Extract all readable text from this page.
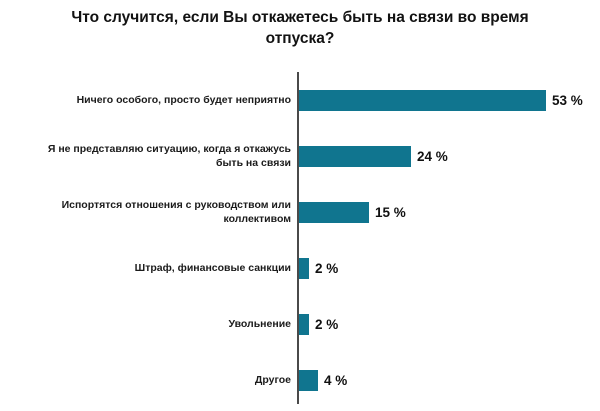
Что случится, если Вы откажетесь быть на связи во время отпуска?
Ничего особого, просто будет неприятно	53 %
Я не представляю ситуацию, когда я откажусь быть на связи	24 %
Испортятся отношения с руководством или коллективом	15 %
Штраф, финансовые санкции 2 %
Увольнение 2 %
Другое 4 %
